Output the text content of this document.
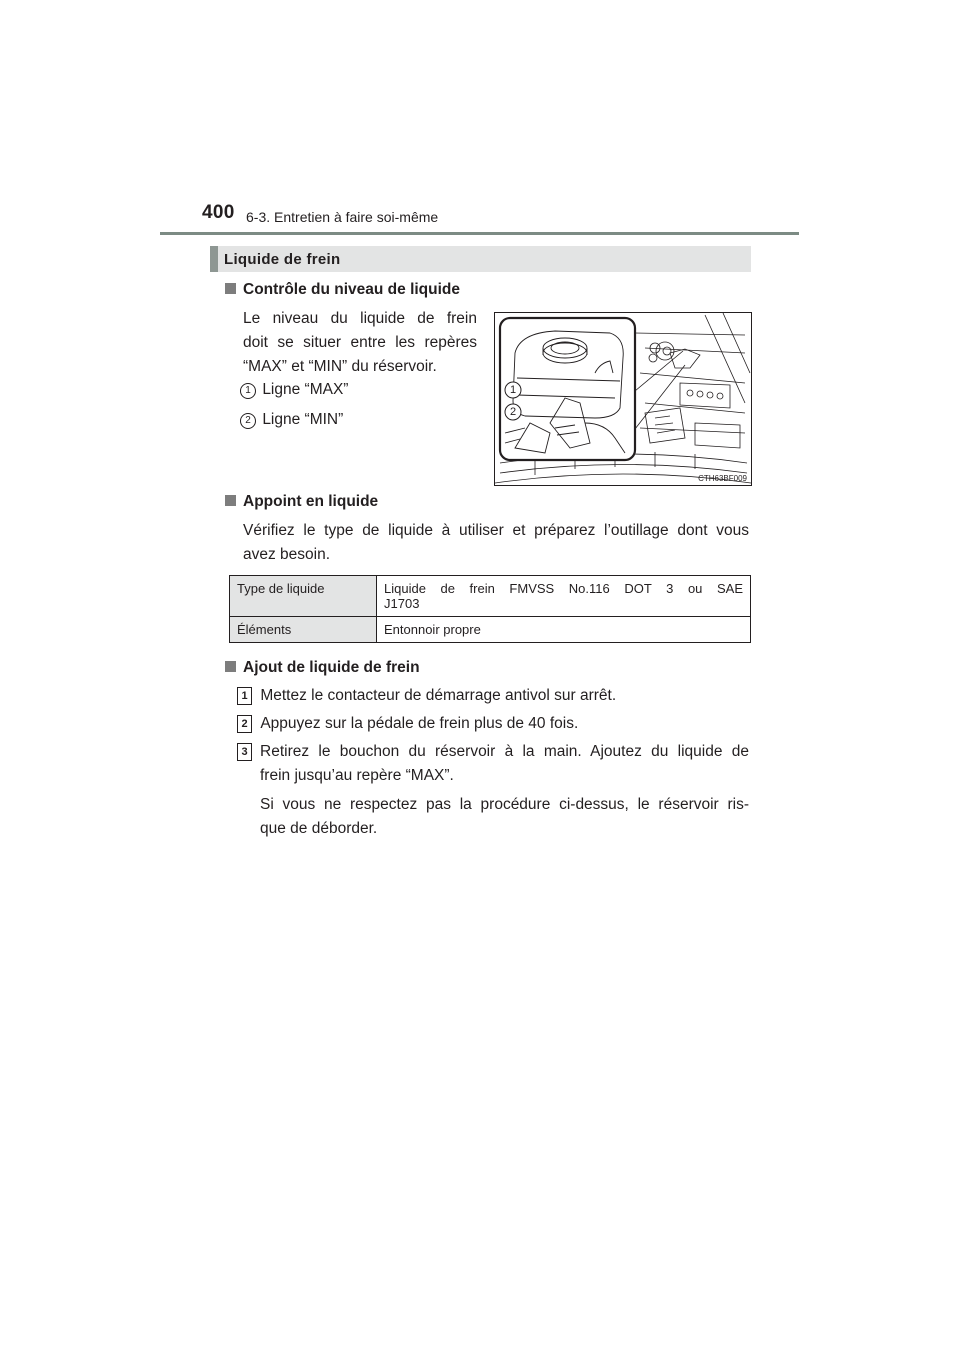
400 6-3. Entretien à faire soi-même
Liquide de frein
Contrôle du niveau de liquide
Le niveau du liquide de frein
doit se situer entre les repères
“MAX” et “MIN” du réservoir.
1 Ligne “MAX”
2 Ligne “MIN”
1
2
CTH63BF009
Appoint en liquide
Vérifiez le type de liquide à utiliser et préparez l’outillage dont vous
avez besoin.
Type de liquide	Liquide de frein FMVSS No.116 DOT 3 ou SAE
J1703

Éléments	Entonnoir propre
Ajout de liquide de frein
1 Mettez le contacteur de démarrage antivol sur arrêt.
2 Appuyez sur la pédale de frein plus de 40 fois.
3 Retirez le bouchon du réservoir à la main. Ajoutez du liquide de
frein jusqu’au repère “MAX”.
Si vous ne respectez pas la procédure ci-dessus, le réservoir ris-
que de déborder.
